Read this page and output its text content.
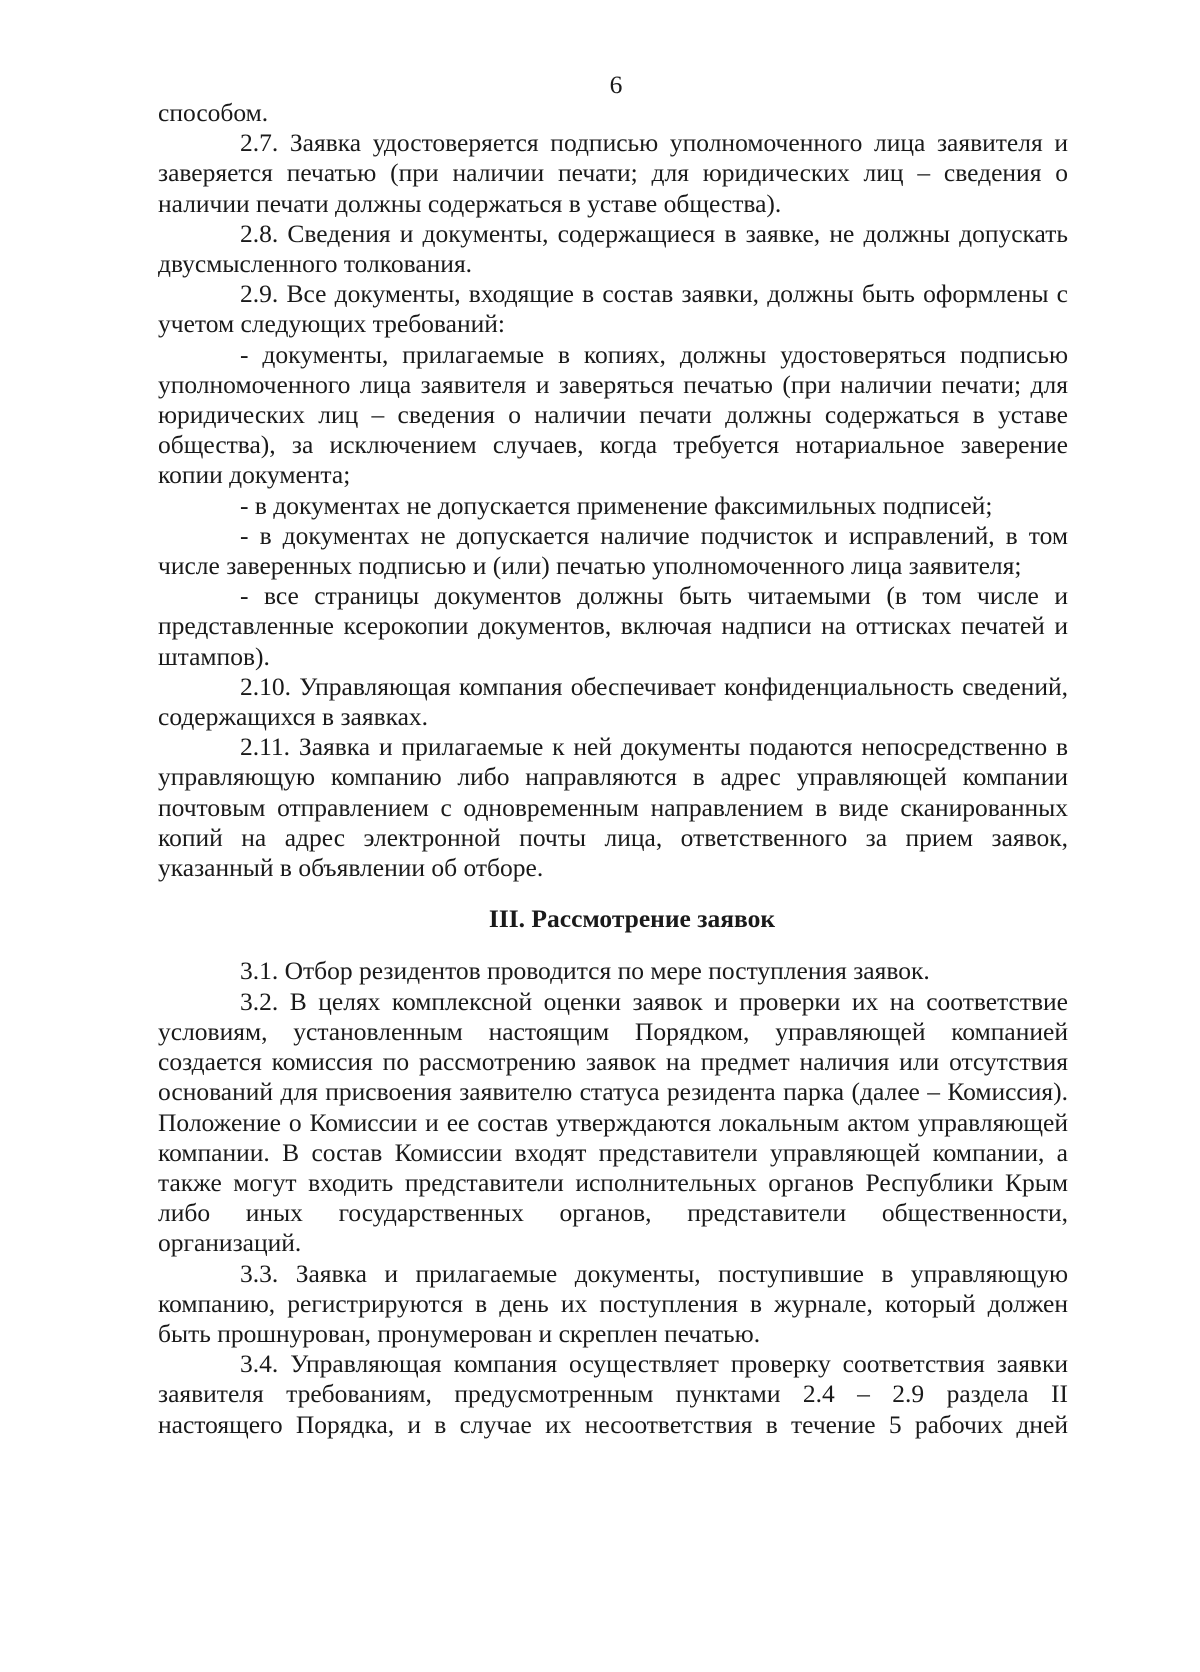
6

способом.

2.7. Заявка удостоверяется подписью уполномоченного лица заявителя и заверяется печатью (при наличии печати; для юридических лиц – сведения о наличии печати должны содержаться в уставе общества).

2.8. Сведения и документы, содержащиеся в заявке, не должны допускать двусмысленного толкования.

2.9. Все документы, входящие в состав заявки, должны быть оформлены с учетом следующих требований:

- документы, прилагаемые в копиях, должны удостоверяться подписью уполномоченного лица заявителя и заверяться печатью (при наличии печати; для юридических лиц – сведения о наличии печати должны содержаться в уставе общества), за исключением случаев, когда требуется нотариальное заверение копии документа;

- в документах не допускается применение факсимильных подписей;

- в документах не допускается наличие подчисток и исправлений, в том числе заверенных подписью и (или) печатью уполномоченного лица заявителя;

- все страницы документов должны быть читаемыми (в том числе и представленные ксерокопии документов, включая надписи на оттисках печатей и штампов).

2.10. Управляющая компания обеспечивает конфиденциальность сведений, содержащихся в заявках.

2.11. Заявка и прилагаемые к ней документы подаются непосредственно в управляющую компанию либо направляются в адрес управляющей компании почтовым отправлением с одновременным направлением в виде сканированных копий на адрес электронной почты лица, ответственного за прием заявок, указанный в объявлении об отборе.

III. Рассмотрение заявок

3.1. Отбор резидентов проводится по мере поступления заявок.

3.2. В целях комплексной оценки заявок и проверки их на соответствие условиям, установленным настоящим Порядком, управляющей компанией создается комиссия по рассмотрению заявок на предмет наличия или отсутствия оснований для присвоения заявителю статуса резидента парка (далее – Комиссия). Положение о Комиссии и ее состав утверждаются локальным актом управляющей компании. В состав Комиссии входят представители управляющей компании, а также могут входить представители исполнительных органов Республики Крым либо иных государственных органов, представители общественности, организаций.

3.3. Заявка и прилагаемые документы, поступившие в управляющую компанию, регистрируются в день их поступления в журнале, который должен быть прошнурован, пронумерован и скреплен печатью.

3.4. Управляющая компания осуществляет проверку соответствия заявки заявителя требованиям, предусмотренным пунктами 2.4 – 2.9 раздела II настоящего Порядка, и в случае их несоответствия в течение 5 рабочих дней
